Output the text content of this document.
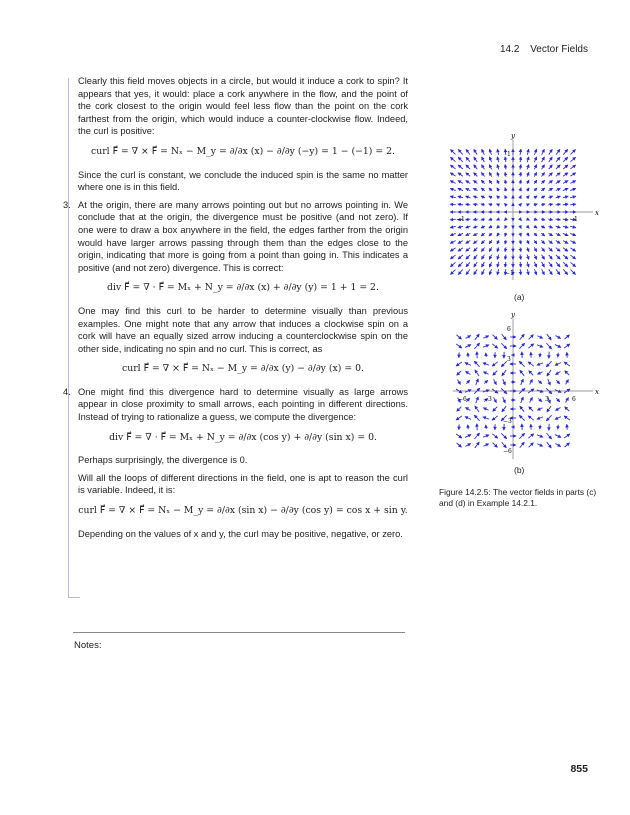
14.2 Vector Fields

Clearly this field moves objects in a circle, but would it induce a cork to spin? It appears that yes, it would: place a cork anywhere in the flow, and the point of the cork closest to the origin would feel less flow than the point on the cork farthest from the origin, which would induce a counter-clockwise flow. Indeed, the curl is positive:

curl F⃗ = ∇ × F⃗ = Nₓ − M_y = ∂/∂x (x) − ∂/∂y (−y) = 1 − (−1) = 2.

Since the curl is constant, we conclude the induced spin is the same no matter where one is in this field.

3. At the origin, there are many arrows pointing out but no arrows pointing in. We conclude that at the origin, the divergence must be positive (and not zero). If one were to draw a box anywhere in the field, the edges farther from the origin would have larger arrows passing through them than the edges close to the origin, indicating that more is going from a point than going in. This indicates a positive (and not zero) divergence. This is correct:

div F⃗ = ∇ · F⃗ = Mₓ + N_y = ∂/∂x (x) + ∂/∂y (y) = 1 + 1 = 2.

One may find this curl to be harder to determine visually than previous examples. One might note that any arrow that induces a clockwise spin on a cork will have an equally sized arrow inducing a counterclockwise spin on the other side, indicating no spin and no curl. This is correct, as

curl F⃗ = ∇ × F⃗ = Nₓ − M_y = ∂/∂x (y) − ∂/∂y (x) = 0.
4. One might find this divergence hard to determine visually as large arrows appear in close proximity to small arrows, each pointing in different directions. Instead of trying to rationalize a guess, we compute the divergence:

div F⃗ = ∇ · F⃗ = Mₓ + N_y = ∂/∂x (cos y) + ∂/∂y (sin x) = 0.

Perhaps surprisingly, the divergence is 0.

Will all the loops of different directions in the field, one is apt to reason the curl is variable. Indeed, it is:

curl F⃗ = ∇ × F⃗ = Nₓ − M_y = ∂/∂x (sin x) − ∂/∂y (cos y) = cos x + sin y.

Depending on the values of x and y, the curl may be positive, negative, or zero.

Notes:
x
y
−1	1
1
−1
(a)
x
y
−6	−3	3	6
6
3
−3
−6
(b)
Figure 14.2.5: The vector fields in parts (c) and (d) in Example 14.2.1.
855
